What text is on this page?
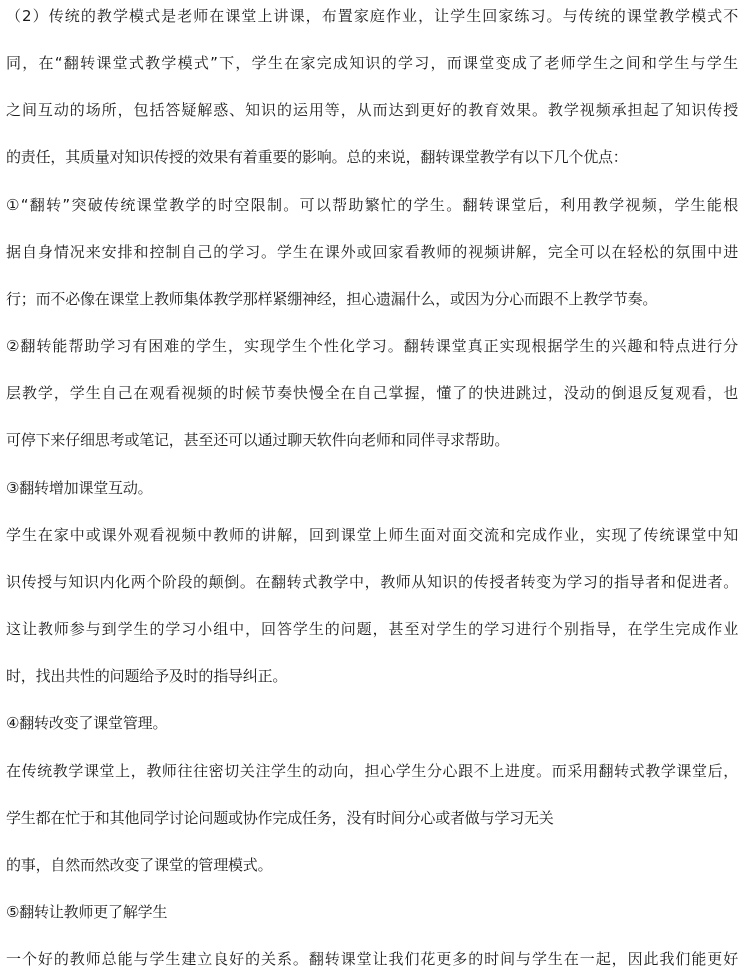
（2）传统的教学模式是老师在课堂上讲课，布置家庭作业，让学生回家练习。与传统的课堂教学模式不
同，在“翻转课堂式教学模式”下，学生在家完成知识的学习，而课堂变成了老师学生之间和学生与学生
之间互动的场所，包括答疑解惑、知识的运用等，从而达到更好的教育效果。教学视频承担起了知识传授
的责任，其质量对知识传授的效果有着重要的影响。总的来说，翻转课堂教学有以下几个优点：
①“翻转”突破传统课堂教学的时空限制。可以帮助繁忙的学生。翻转课堂后，利用教学视频，学生能根
据自身情况来安排和控制自己的学习。学生在课外或回家看教师的视频讲解，完全可以在轻松的氛围中进
行；而不必像在课堂上教师集体教学那样紧绷神经，担心遗漏什么，或因为分心而跟不上教学节奏。
②翻转能帮助学习有困难的学生，实现学生个性化学习。翻转课堂真正实现根据学生的兴趣和特点进行分
层教学，学生自己在观看视频的时候节奏快慢全在自己掌握，懂了的快进跳过，没动的倒退反复观看，也
可停下来仔细思考或笔记，甚至还可以通过聊天软件向老师和同伴寻求帮助。
③翻转增加课堂互动。
学生在家中或课外观看视频中教师的讲解，回到课堂上师生面对面交流和完成作业，实现了传统课堂中知
识传授与知识内化两个阶段的颠倒。在翻转式教学中，教师从知识的传授者转变为学习的指导者和促进者。
这让教师参与到学生的学习小组中，回答学生的问题，甚至对学生的学习进行个别指导，在学生完成作业
时，找出共性的问题给予及时的指导纠正。
④翻转改变了课堂管理。
在传统教学课堂上，教师往往密切关注学生的动向，担心学生分心跟不上进度。而采用翻转式教学课堂后，
学生都在忙于和其他同学讨论问题或协作完成任务，没有时间分心或者做与学习无关
的事，自然而然改变了课堂的管理模式。
⑤翻转让教师更了解学生
一个好的教师总能与学生建立良好的关系。翻转课堂让我们花更多的时间与学生在一起，因此我们能更好
